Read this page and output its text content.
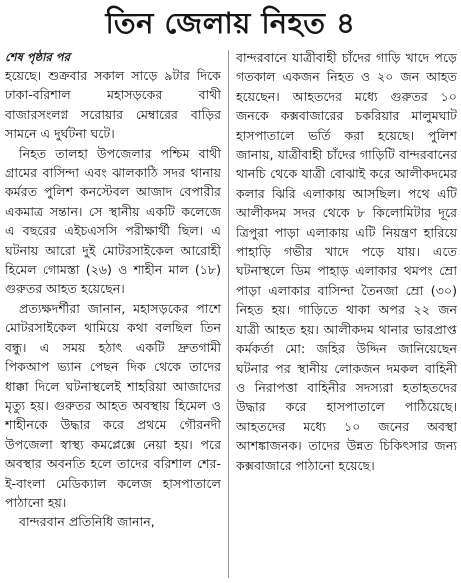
তিন জেলায় নিহত ৪
শেষ পৃষ্ঠার পর

হয়েছে। শুক্রবার সকাল সাড়ে ৯টার দিকে ঢাকা-বরিশাল মহাসড়কের বাথী বাজারসংলগ্ন সরোয়ার মেম্বারের বাড়ির সামনে এ দুর্ঘটনা ঘটে।

নিহত তালহা উপজেলার পশ্চিম বাথী গ্রামের বাসিন্দা এবং ঝালকাঠি সদর থানায় কর্মরত পুলিশ কনস্টেবল আজাদ বেপারীর একমাত্র সন্তান। সে স্থানীয় একটি কলেজে এ বছরের এইচএসসি পরীক্ষার্থী ছিল। এ ঘটনায় আরো দুই মোটরসাইকেল আরোহী হিমেল গোমস্তা (২৬) ও শাহীন মাল (১৮) গুরুতর আহত হয়েছেন।

প্রত্যক্ষদর্শীরা জানান, মহাসড়কের পাশে মোটরসাইকেল থামিয়ে কথা বলছিল তিন বন্ধু। এ সময় হঠাৎ একটি দ্রুতগামী পিকআপ ভ্যান পেছন দিক থেকে তাদের ধাক্কা দিলে ঘটনাস্থলেই শাহরিয়া আজাদের মৃত্যু হয়। গুরুতর আহত অবস্থায় হিমেল ও শাহীনকে উদ্ধার করে প্রথমে গৌরনদী উপজেলা স্বাস্থ্য কমপ্লেক্সে নেয়া হয়। পরে অবস্থার অবনতি হলে তাদের বরিশাল শের-ই-বাংলা মেডিক্যাল কলেজ হাসপাতালে পাঠানো হয়।

বান্দরবান প্রতিনিধি জানান,

বান্দরবানে যাত্রীবাহী চাঁদের গাড়ি খাদে পড়ে গতকাল একজন নিহত ও ২০ জন আহত হয়েছেন। আহতদের মধ্যে গুরুতর ১০ জনকে কক্সবাজারের চকরিয়ার মালুমঘাট হাসপাতালে ভর্তি করা হয়েছে। পুলিশ জানায়, যাত্রীবাহী চাঁদের গাড়িটি বান্দরবানের থানচি থেকে যাত্রী বোঝাই করে আলীকদমের কলার ঝিরি এলাকায় আসছিল। পথে এটি আলীকদম সদর থেকে ৮ কিলোমিটার দূরে ত্রিপুরা পাড়া এলাকায় এটি নিয়ন্ত্রণ হারিয়ে পাহাড়ি গভীর খাদে পড়ে যায়। এতে ঘটনাস্থলে ডিম পাহাড় এলাকার থমপং ম্রো পাড়া এলাকার বাসিন্দা তৈনজা ম্রো (৩০) নিহত হয়। গাড়িতে থাকা অপর ২২ জন যাত্রী আহত হয়। আলীকদম থানার ভারপ্রাপ্ত কর্মকর্তা মো: জহির উদ্দিন জানিয়েছেন ঘটনার পর স্থানীয় লোকজন দমকল বাহিনী ও নিরাপত্তা বাহিনীর সদস্যরা হতাহতদের উদ্ধার করে হাসপাতালে পাঠিয়েছে। আহতদের মধ্যে ১০ জনের অবস্থা আশঙ্কাজনক। তাদের উন্নত চিকিৎসার জন্য কক্সবাজারে পাঠানো হয়েছে।
